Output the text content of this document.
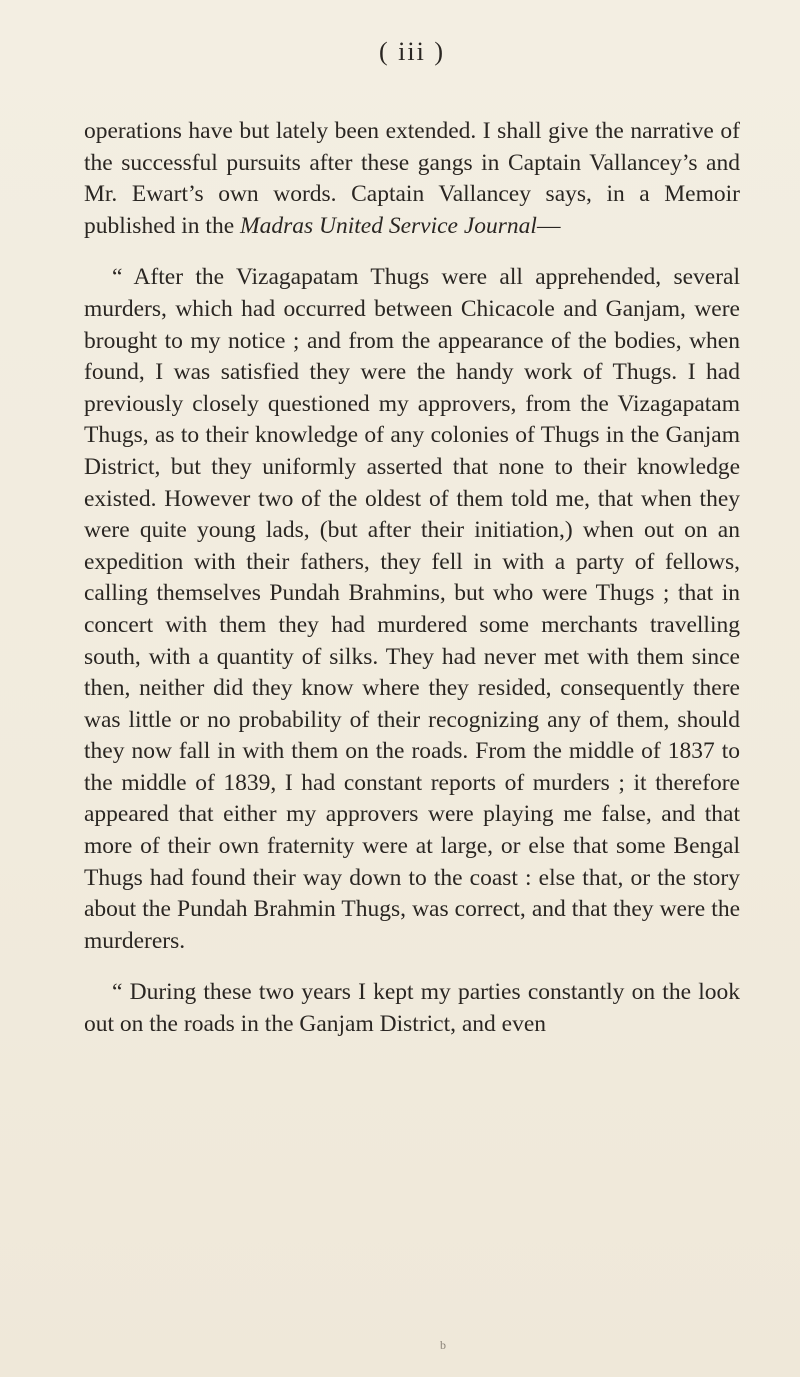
( iii )

operations have but lately been extended. I shall give the narrative of the successful pursuits after these gangs in Captain Vallancey’s and Mr. Ewart’s own words. Captain Vallancey says, in a Memoir published in the Madras United Service Journal—

“ After the Vizagapatam Thugs were all apprehended, several murders, which had occurred between Chicacole and Ganjam, were brought to my notice ; and from the appearance of the bodies, when found, I was satisfied they were the handy work of Thugs. I had previously closely questioned my approvers, from the Vizagapatam Thugs, as to their knowledge of any colonies of Thugs in the Ganjam District, but they uniformly asserted that none to their knowledge existed. However two of the oldest of them told me, that when they were quite young lads, (but after their initiation,) when out on an expedition with their fathers, they fell in with a party of fellows, calling themselves Pundah Brahmins, but who were Thugs ; that in concert with them they had murdered some merchants travelling south, with a quantity of silks. They had never met with them since then, neither did they know where they resided, consequently there was little or no probability of their recognizing any of them, should they now fall in with them on the roads. From the middle of 1837 to the middle of 1839, I had constant reports of murders ; it therefore appeared that either my approvers were playing me false, and that more of their own fraternity were at large, or else that some Bengal Thugs had found their way down to the coast : else that, or the story about the Pundah Brahmin Thugs, was correct, and that they were the murderers.

“ During these two years I kept my parties constantly on the look out on the roads in the Ganjam District, and even

b
